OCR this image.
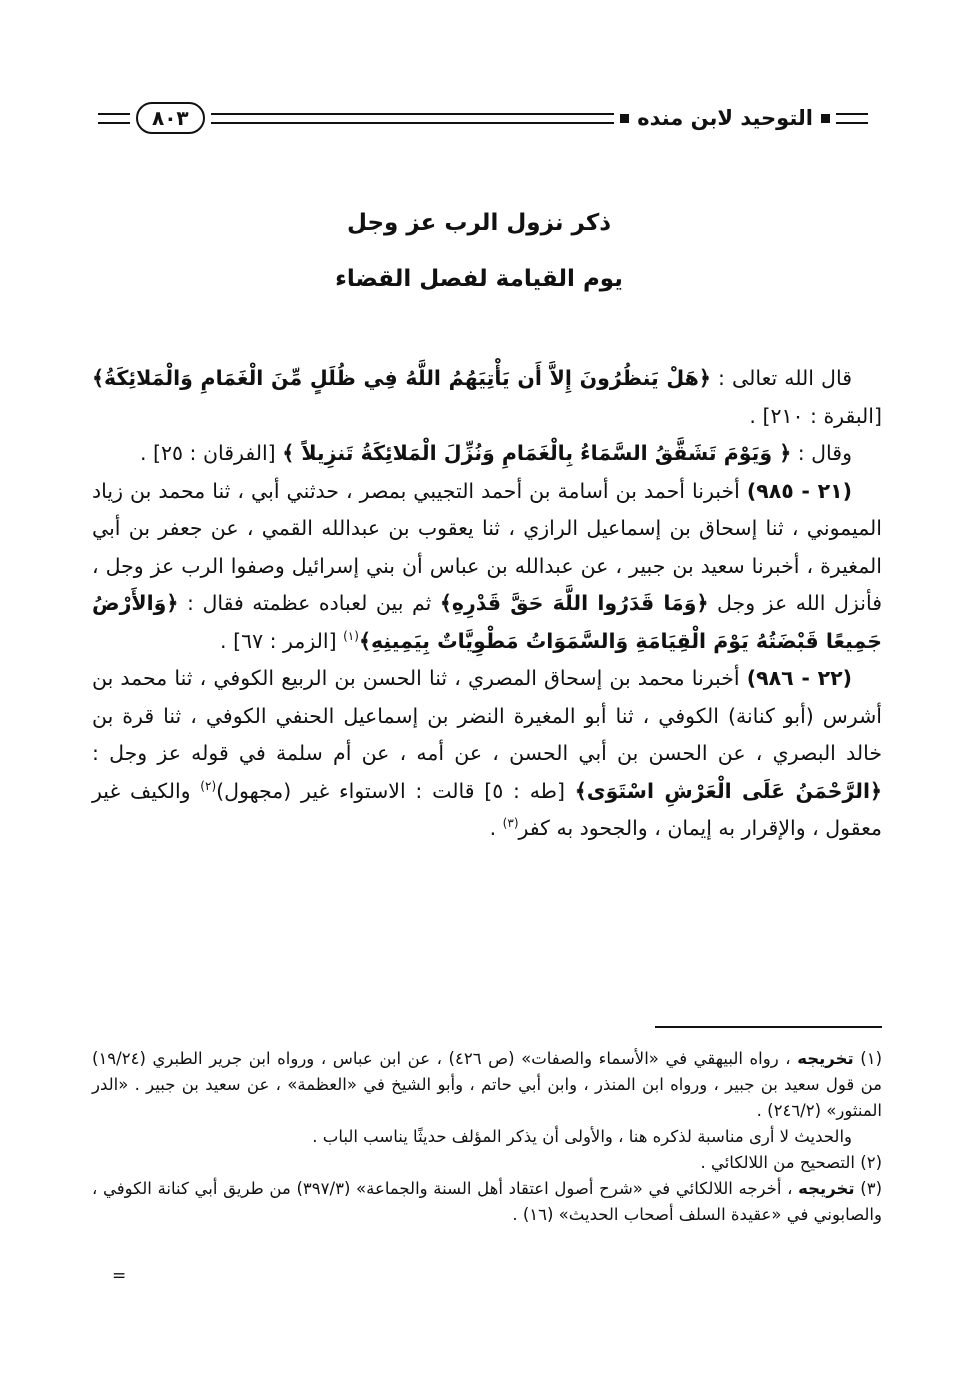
٨٠٣	التوحيد لابن منده
ذكر نزول الرب عز وجل
يوم القيامة لفصل القضاء

قال الله تعالى : ﴿هَلْ يَنظُرُونَ إِلاَّ أَن يَأْتِيَهُمُ اللَّهُ فِي ظُلَلٍ مِّنَ الْغَمَامِ وَالْمَلائِكَةُ﴾ [البقرة : ٢١٠] .

وقال : ﴿ وَيَوْمَ تَشَقَّقُ السَّمَاءُ بِالْغَمَامِ وَنُزِّلَ الْمَلائِكَةُ تَنزِيلاً ﴾ [الفرقان : ٢٥] .

(٢١ - ٩٨٥) أخبرنا أحمد بن أسامة بن أحمد التجيبي بمصر ، حدثني أبي ، ثنا محمد بن زياد الميموني ، ثنا إسحاق بن إسماعيل الرازي ، ثنا يعقوب بن عبدالله القمي ، عن جعفر بن أبي المغيرة ، أخبرنا سعيد بن جبير ، عن عبدالله بن عباس أن بني إسرائيل وصفوا الرب عز وجل ، فأنزل الله عز وجل ﴿وَمَا قَدَرُوا اللَّهَ حَقَّ قَدْرِهِ﴾ ثم بين لعباده عظمته فقال : ﴿وَالأَرْضُ جَمِيعًا قَبْضَتُهُ يَوْمَ الْقِيَامَةِ وَالسَّمَوَاتُ مَطْوِيَّاتٌ بِيَمِينِهِ﴾$^{(١)}$ [الزمر : ٦٧] .

(٢٢ - ٩٨٦) أخبرنا محمد بن إسحاق المصري ، ثنا الحسن بن الربيع الكوفي ، ثنا محمد بن أشرس (أبو كنانة) الكوفي ، ثنا أبو المغيرة النضر بن إسماعيل الحنفي الكوفي ، ثنا قرة بن خالد البصري ، عن الحسن بن أبي الحسن ، عن أمه ، عن أم سلمة في قوله عز وجل : ﴿الرَّحْمَنُ عَلَى الْعَرْشِ اسْتَوَى﴾ [طه : ٥] قالت : الاستواء غير (مجهول)$^{(٢)}$ والكيف غير معقول ، والإقرار به إيمان ، والجحود به كفر$^{(٣)}$ .

(١) تخريجه ، رواه البيهقي في «الأسماء والصفات» (ص ٤٢٦) ، عن ابن عباس ، ورواه ابن جرير الطبري (١٩/٢٤) من قول سعيد بن جبير ، ورواه ابن المنذر ، وابن أبي حاتم ، وأبو الشيخ في «العظمة» ، عن سعيد بن جبير . «الدر المنثور» (٢٤٦/٢) .

والحديث لا أرى مناسبة لذكره هنا ، والأولى أن يذكر المؤلف حديثًا يناسب الباب .

(٢) التصحيح من اللالكائي .

(٣) تخريجه ، أخرجه اللالكائي في «شرح أصول اعتقاد أهل السنة والجماعة» (٣٩٧/٣) من طريق أبي كنانة الكوفي ، والصابوني في «عقيدة السلف أصحاب الحديث» (١٦) .

=
